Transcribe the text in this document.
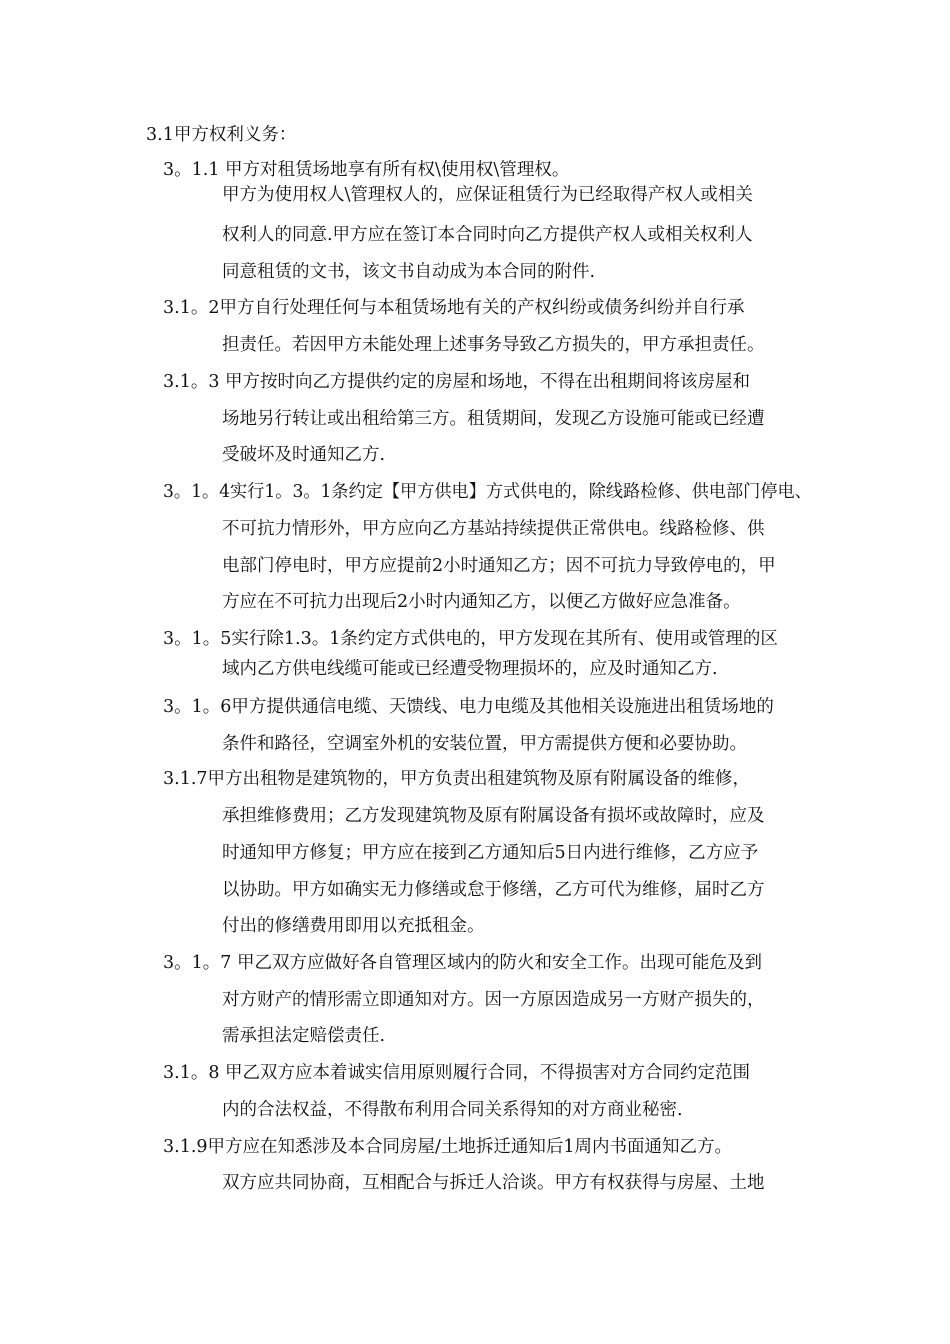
3.1甲方权利义务：
3。1.1 甲方对租赁场地享有所有权\使用权\管理权。
甲方为使用权人\管理权人的，应保证租赁行为已经取得产权人或相关
权利人的同意.甲方应在签订本合同时向乙方提供产权人或相关权利人
同意租赁的文书，该文书自动成为本合同的附件.
3.1。2甲方自行处理任何与本租赁场地有关的产权纠纷或债务纠纷并自行承
担责任。若因甲方未能处理上述事务导致乙方损失的，甲方承担责任。
3.1。3 甲方按时向乙方提供约定的房屋和场地，不得在出租期间将该房屋和
场地另行转让或出租给第三方。租赁期间，发现乙方设施可能或已经遭
受破坏及时通知乙方.
3。1。4实行1。3。1条约定【甲方供电】方式供电的，除线路检修、供电部门停电、
不可抗力情形外，甲方应向乙方基站持续提供正常供电。线路检修、供
电部门停电时，甲方应提前2小时通知乙方；因不可抗力导致停电的，甲
方应在不可抗力出现后2小时内通知乙方，以便乙方做好应急准备。
3。1。5实行除1.3。1条约定方式供电的，甲方发现在其所有、使用或管理的区
域内乙方供电线缆可能或已经遭受物理损坏的，应及时通知乙方.
3。1。6甲方提供通信电缆、天馈线、电力电缆及其他相关设施进出租赁场地的
条件和路径，空调室外机的安装位置，甲方需提供方便和必要协助。
3.1.7甲方出租物是建筑物的，甲方负责出租建筑物及原有附属设备的维修，
承担维修费用；乙方发现建筑物及原有附属设备有损坏或故障时，应及
时通知甲方修复；甲方应在接到乙方通知后5日内进行维修，乙方应予
以协助。甲方如确实无力修缮或怠于修缮，乙方可代为维修，届时乙方
付出的修缮费用即用以充抵租金。
3。1。7 甲乙双方应做好各自管理区域内的防火和安全工作。出现可能危及到
对方财产的情形需立即通知对方。因一方原因造成另一方财产损失的，
需承担法定赔偿责任.
3.1。8 甲乙双方应本着诚实信用原则履行合同，不得损害对方合同约定范围
内的合法权益，不得散布利用合同关系得知的对方商业秘密.
3.1.9甲方应在知悉涉及本合同房屋/土地拆迁通知后1周内书面通知乙方。
双方应共同协商，互相配合与拆迁人洽谈。甲方有权获得与房屋、土地
